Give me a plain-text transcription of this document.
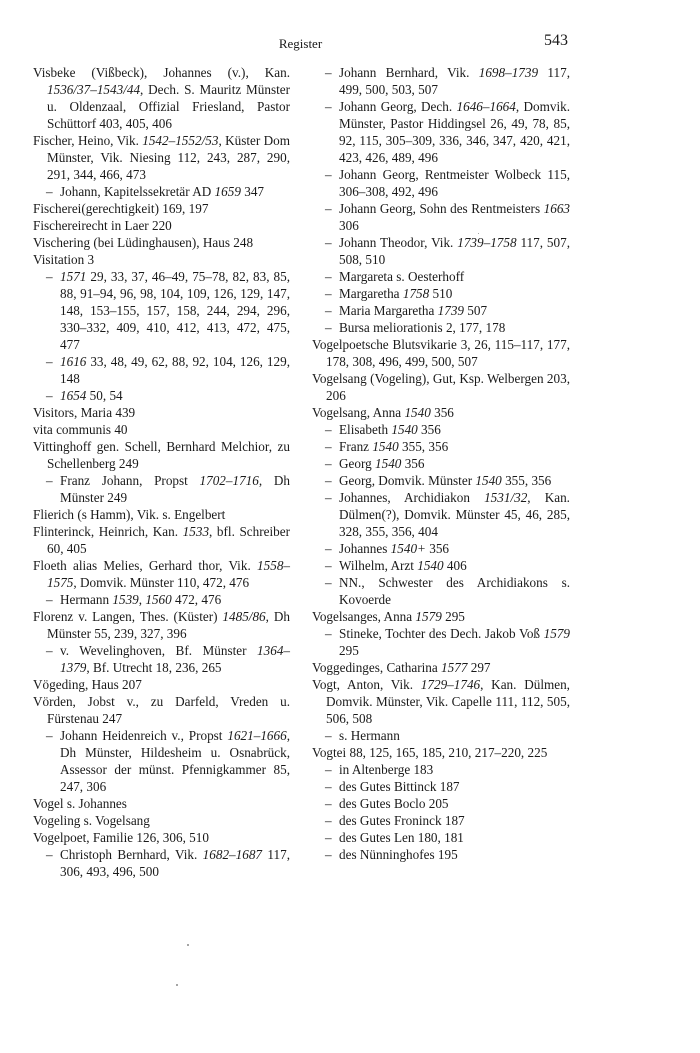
Register	543

Visbeke (Vißbeck), Johannes (v.), Kan. 1536/37–1543/44, Dech. S. Mauritz Münster u. Oldenzaal, Offizial Friesland, Pastor Schüttorf 403, 405, 406

Fischer, Heino, Vik. 1542–1552/53, Küster Dom Münster, Vik. Niesing 112, 243, 287, 290, 291, 344, 466, 473

– Johann, Kapitelssekretär AD 1659 347

Fischerei(gerechtigkeit) 169, 197

Fischereirecht in Laer 220

Vischering (bei Lüdinghausen), Haus 248

Visitation 3

– 1571 29, 33, 37, 46–49, 75–78, 82, 83, 85, 88, 91–94, 96, 98, 104, 109, 126, 129, 147, 148, 153–155, 157, 158, 244, 294, 296, 330–332, 409, 410, 412, 413, 472, 475, 477

– 1616 33, 48, 49, 62, 88, 92, 104, 126, 129, 148

– 1654 50, 54

Visitors, Maria 439

vita communis 40

Vittinghoff gen. Schell, Bernhard Melchior, zu Schellenberg 249

– Franz Johann, Propst 1702–1716, Dh Münster 249

Flierich (s Hamm), Vik. s. Engelbert

Flinterinck, Heinrich, Kan. 1533, bfl. Schreiber 60, 405

Floeth alias Melies, Gerhard thor, Vik. 1558–1575, Domvik. Münster 110, 472, 476

– Hermann 1539, 1560 472, 476

Florenz v. Langen, Thes. (Küster) 1485/86, Dh Münster 55, 239, 327, 396

– v. Wevelinghoven, Bf. Münster 1364–1379, Bf. Utrecht 18, 236, 265

Vögeding, Haus 207

Vörden, Jobst v., zu Darfeld, Vreden u. Fürstenau 247

– Johann Heidenreich v., Propst 1621–1666, Dh Münster, Hildesheim u. Osnabrück, Assessor der münst. Pfennigkammer 85, 247, 306

Vogel s. Johannes

Vogeling s. Vogelsang

Vogelpoet, Familie 126, 306, 510

– Christoph Bernhard, Vik. 1682–1687 117, 306, 493, 496, 500

– Johann Bernhard, Vik. 1698–1739 117, 499, 500, 503, 507

– Johann Georg, Dech. 1646–1664, Domvik. Münster, Pastor Hiddingsel 26, 49, 78, 85, 92, 115, 305–309, 336, 346, 347, 420, 421, 423, 426, 489, 496

– Johann Georg, Rentmeister Wolbeck 115, 306–308, 492, 496

– Johann Georg, Sohn des Rentmeisters 1663 306

– Johann Theodor, Vik. 1739–1758 117, 507, 508, 510

– Margareta s. Oesterhoff

– Margaretha 1758 510

– Maria Margaretha 1739 507

– Bursa meliorationis 2, 177, 178

Vogelpoetsche Blutsvikarie 3, 26, 115–117, 177, 178, 308, 496, 499, 500, 507

Vogelsang (Vogeling), Gut, Ksp. Welbergen 203, 206

Vogelsang, Anna 1540 356

– Elisabeth 1540 356

– Franz 1540 355, 356

– Georg 1540 356

– Georg, Domvik. Münster 1540 355, 356

– Johannes, Archidiakon 1531/32, Kan. Dülmen(?), Domvik. Münster 45, 46, 285, 328, 355, 356, 404

– Johannes 1540+ 356

– Wilhelm, Arzt 1540 406

– NN., Schwester des Archidiakons s. Kovoerde

Vogelsanges, Anna 1579 295

– Stineke, Tochter des Dech. Jakob Voß 1579 295

Voggedinges, Catharina 1577 297

Vogt, Anton, Vik. 1729–1746, Kan. Dülmen, Domvik. Münster, Vik. Capelle 111, 112, 505, 506, 508

– s. Hermann

Vogtei 88, 125, 165, 185, 210, 217–220, 225

– in Altenberge 183

– des Gutes Bittinck 187

– des Gutes Boclo 205

– des Gutes Froninck 187

– des Gutes Len 180, 181

– des Nünninghofes 195
